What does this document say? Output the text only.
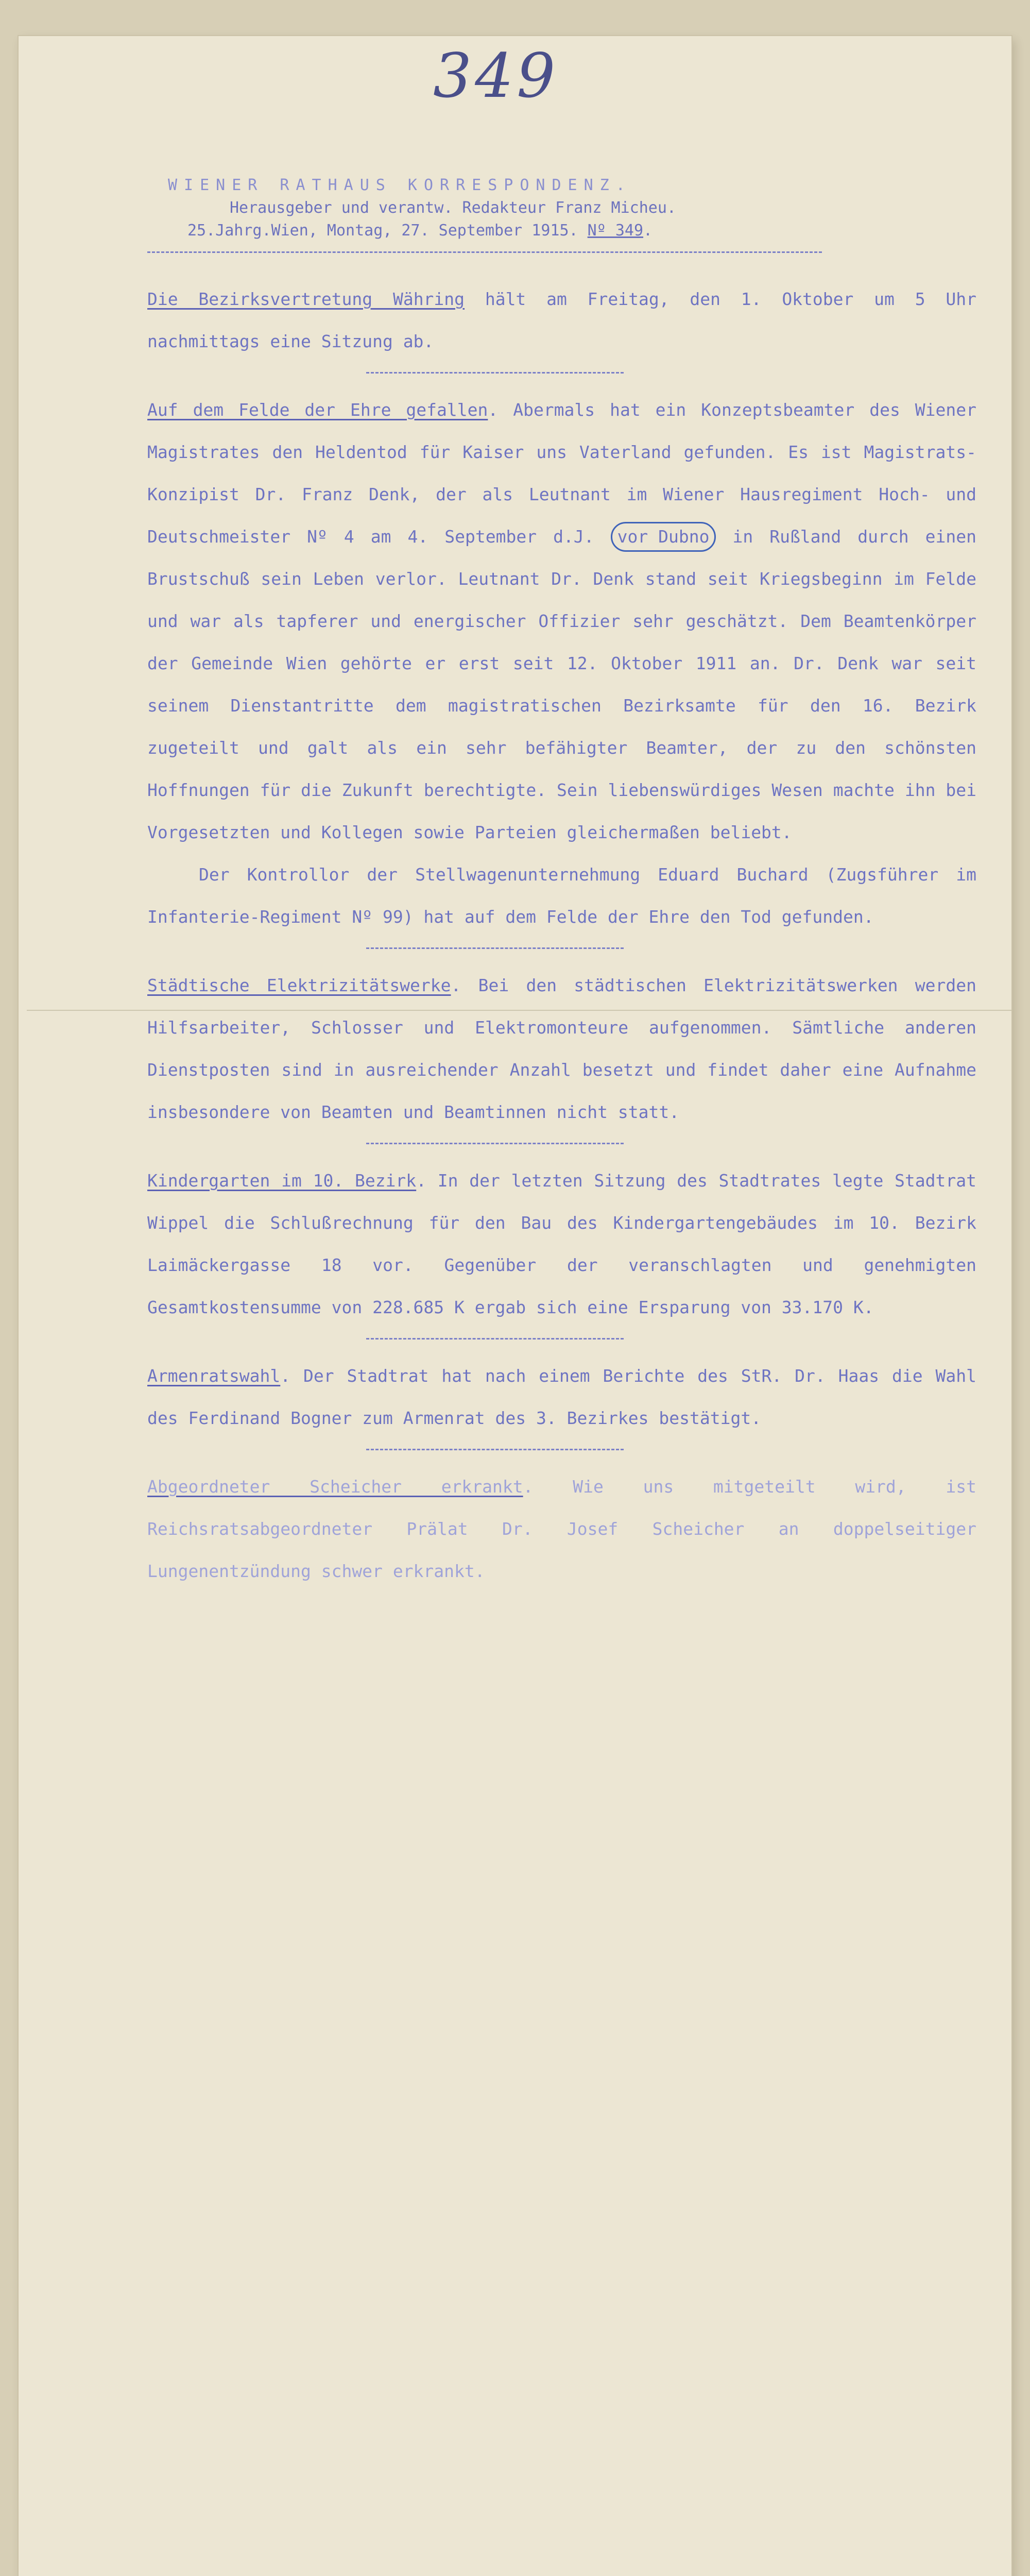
349
WIENER RATHAUS KORRESPONDENZ.
Herausgeber und verantw. Redakteur Franz Micheu.
25.Jahrg.Wien, Montag, 27. September 1915. Nº 349.

Die Bezirksvertretung Währing hält am Freitag, den 1. Oktober um 5 Uhr nachmittags eine Sitzung ab.

Auf dem Felde der Ehre gefallen. Abermals hat ein Konzeptsbeamter des Wiener Magistrates den Heldentod für Kaiser uns Vaterland gefunden. Es ist Magistrats-Konzipist Dr. Franz Denk, der als Leutnant im Wiener Hausregiment Hoch- und Deutschmeister Nº 4 am 4. September d.J. vor Dubno in Rußland durch einen Brustschuß sein Leben verlor. Leutnant Dr. Denk stand seit Kriegsbeginn im Felde und war als tapferer und energischer Offizier sehr geschätzt. Dem Beamtenkörper der Gemeinde Wien gehörte er erst seit 12. Oktober 1911 an. Dr. Denk war seit seinem Dienstantritte dem magistratischen Bezirksamte für den 16. Bezirk zugeteilt und galt als ein sehr befähigter Beamter, der zu den schönsten Hoffnungen für die Zukunft berechtigte. Sein liebenswürdiges Wesen machte ihn bei Vorgesetzten und Kollegen sowie Parteien gleichermaßen beliebt.

Der Kontrollor der Stellwagenunternehmung Eduard Buchard (Zugsführer im Infanterie-Regiment Nº 99) hat auf dem Felde der Ehre den Tod gefunden.

Städtische Elektrizitätswerke. Bei den städtischen Elektrizitätswerken werden Hilfsarbeiter, Schlosser und Elektromonteure aufgenommen. Sämtliche anderen Dienstposten sind in ausreichender Anzahl besetzt und findet daher eine Aufnahme insbesondere von Beamten und Beamtinnen nicht statt.

Kindergarten im 10. Bezirk. In der letzten Sitzung des Stadtrates legte Stadtrat Wippel die Schlußrechnung für den Bau des Kindergartengebäudes im 10. Bezirk Laimäckergasse 18 vor. Gegenüber der veranschlagten und genehmigten Gesamtkostensumme von 228.685 K ergab sich eine Ersparung von 33.170 K.

Armenratswahl. Der Stadtrat hat nach einem Berichte des StR. Dr. Haas die Wahl des Ferdinand Bogner zum Armenrat des 3. Bezirkes bestätigt.

Abgeordneter Scheicher erkrankt. Wie uns mitgeteilt wird, ist Reichsratsabgeordneter Prälat Dr. Josef Scheicher an doppelseitiger Lungenentzündung schwer erkrankt.
